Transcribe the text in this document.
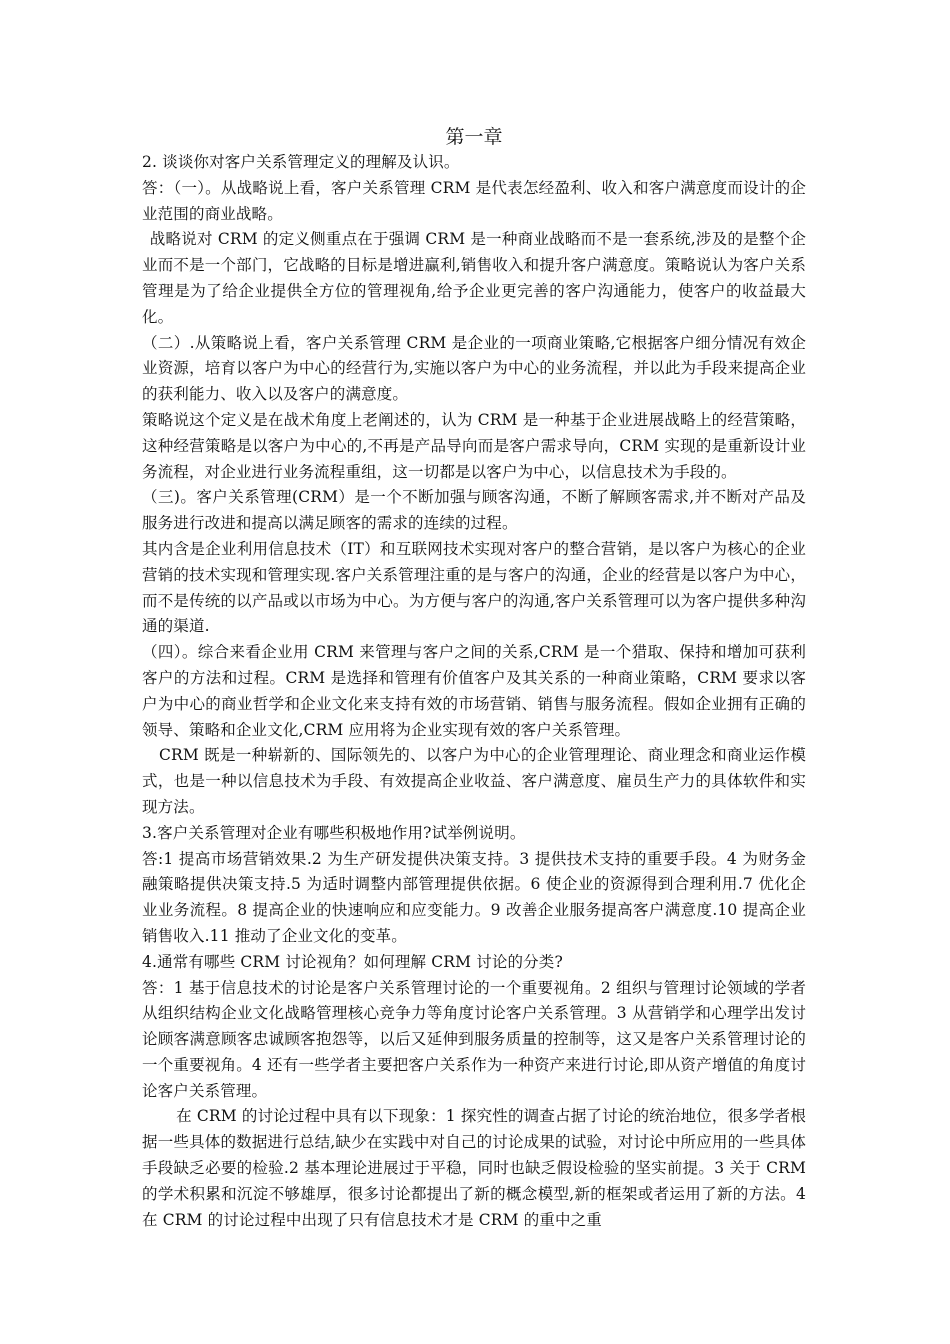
第一章

2. 谈谈你对客户关系管理定义的理解及认识。

答：（一）。从战略说上看，客户关系管理 CRM 是代表怎经盈利、收入和客户满意度而设计的企业范围的商业战略。

战略说对 CRM 的定义侧重点在于强调 CRM 是一种商业战略而不是一套系统,涉及的是整个企业而不是一个部门，它战略的目标是增进赢利,销售收入和提升客户满意度。策略说认为客户关系管理是为了给企业提供全方位的管理视角,给予企业更完善的客户沟通能力，使客户的收益最大化。

（二）.从策略说上看，客户关系管理 CRM 是企业的一项商业策略,它根据客户细分情况有效企业资源，培育以客户为中心的经营行为,实施以客户为中心的业务流程，并以此为手段来提高企业的获利能力、收入以及客户的满意度。

策略说这个定义是在战术角度上老阐述的，认为 CRM 是一种基于企业进展战略上的经营策略，这种经营策略是以客户为中心的,不再是产品导向而是客户需求导向，CRM 实现的是重新设计业务流程，对企业进行业务流程重组，这一切都是以客户为中心，以信息技术为手段的。

（三)。客户关系管理(CRM）是一个不断加强与顾客沟通，不断了解顾客需求,并不断对产品及服务进行改进和提高以满足顾客的需求的连续的过程。

其内含是企业利用信息技术（IT）和互联网技术实现对客户的整合营销，是以客户为核心的企业营销的技术实现和管理实现.客户关系管理注重的是与客户的沟通，企业的经营是以客户为中心，而不是传统的以产品或以市场为中心。为方便与客户的沟通,客户关系管理可以为客户提供多种沟通的渠道.

（四）。综合来看企业用 CRM 来管理与客户之间的关系,CRM 是一个猎取、保持和增加可获利客户的方法和过程。CRM 是选择和管理有价值客户及其关系的一种商业策略，CRM 要求以客户为中心的商业哲学和企业文化来支持有效的市场营销、销售与服务流程。假如企业拥有正确的领导、策略和企业文化,CRM 应用将为企业实现有效的客户关系管理。

CRM 既是一种崭新的、国际领先的、以客户为中心的企业管理理论、商业理念和商业运作模式，也是一种以信息技术为手段、有效提高企业收益、客户满意度、雇员生产力的具体软件和实现方法。

3.客户关系管理对企业有哪些积极地作用?试举例说明。

答:1 提高市场营销效果.2 为生产研发提供决策支持。3 提供技术支持的重要手段。4 为财务金融策略提供决策支持.5 为适时调整内部管理提供依据。6 使企业的资源得到合理利用.7 优化企业业务流程。8 提高企业的快速响应和应变能力。9 改善企业服务提高客户满意度.10 提高企业销售收入.11 推动了企业文化的变革。

4.通常有哪些 CRM 讨论视角？如何理解 CRM 讨论的分类?

答：1 基于信息技术的讨论是客户关系管理讨论的一个重要视角。2 组织与管理讨论领域的学者从组织结构企业文化战略管理核心竞争力等角度讨论客户关系管理。3 从营销学和心理学出发讨论顾客满意顾客忠诚顾客抱怨等，以后又延伸到服务质量的控制等，这又是客户关系管理讨论的一个重要视角。4 还有一些学者主要把客户关系作为一种资产来进行讨论,即从资产增值的角度讨论客户关系管理。

在 CRM 的讨论过程中具有以下现象：1 探究性的调查占据了讨论的统治地位，很多学者根据一些具体的数据进行总结,缺少在实践中对自己的讨论成果的试验，对讨论中所应用的一些具体手段缺乏必要的检验.2 基本理论进展过于平稳，同时也缺乏假设检验的坚实前提。3 关于 CRM 的学术积累和沉淀不够雄厚，很多讨论都提出了新的概念模型,新的框架或者运用了新的方法。4 在 CRM 的讨论过程中出现了只有信息技术才是 CRM 的重中之重
